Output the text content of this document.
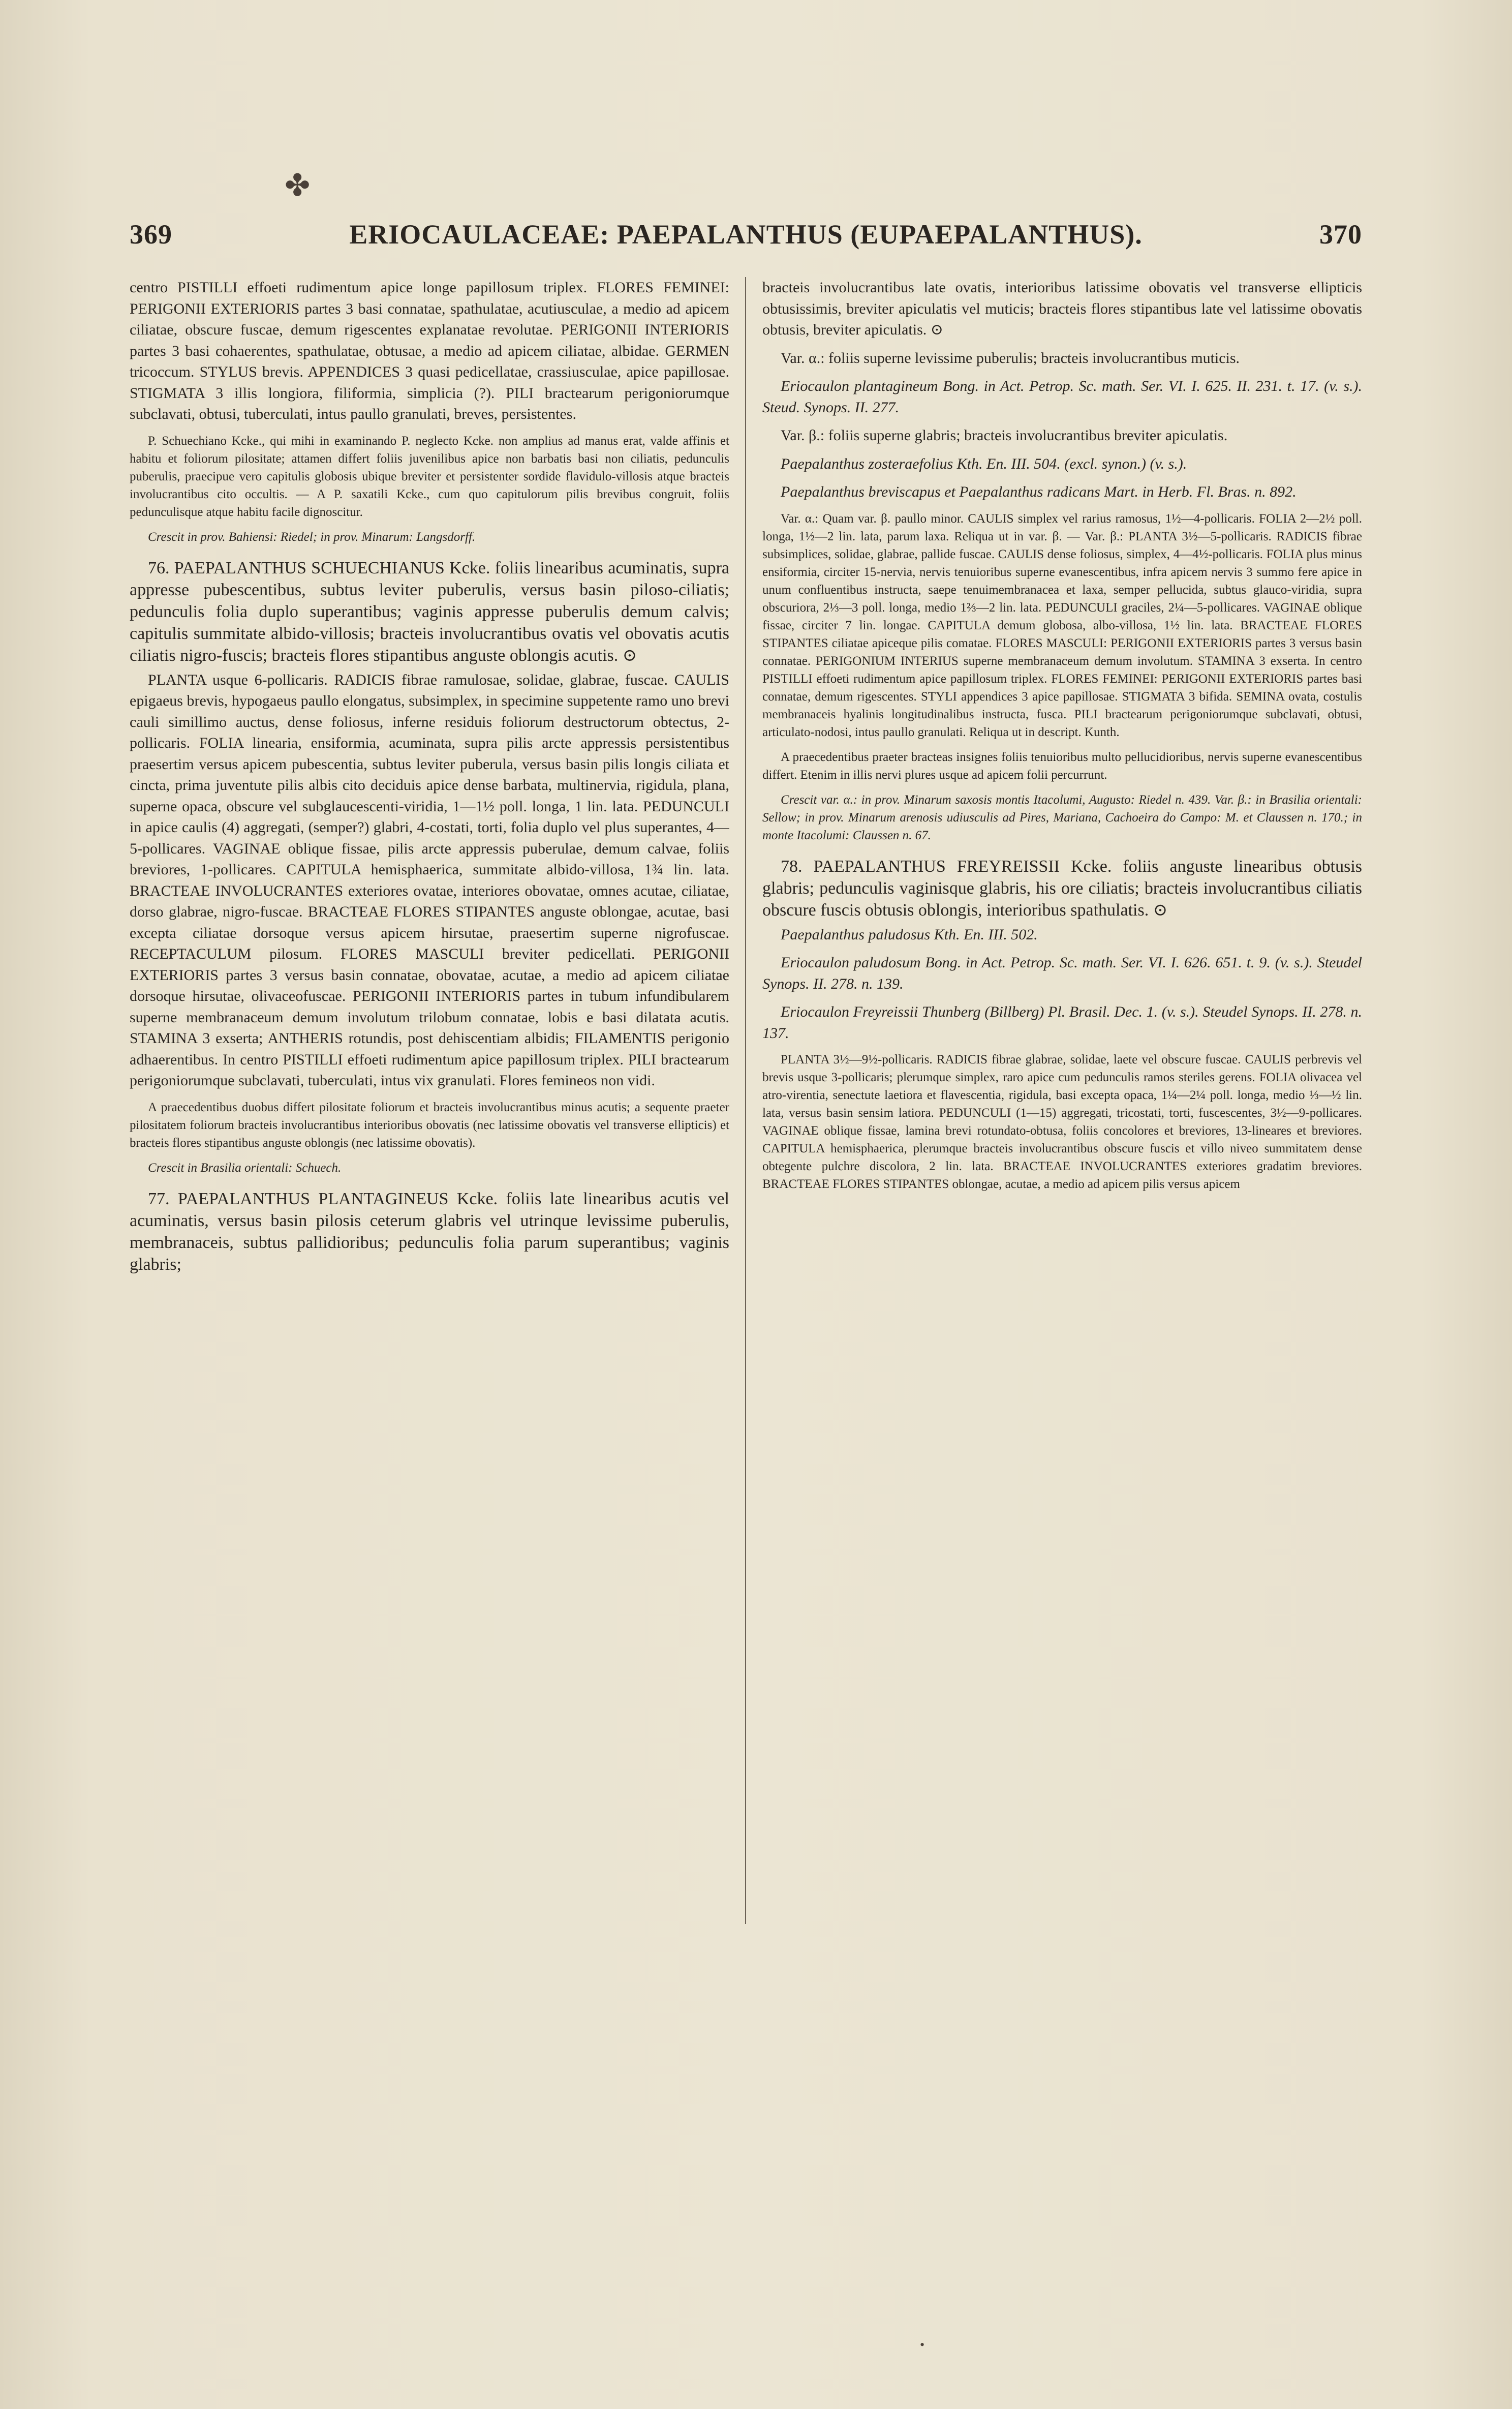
✤
369	ERIOCAULACEAE: PAEPALANTHUS (EUPAEPALANTHUS).	370

centro PISTILLI effoeti rudimentum apice longe papillosum triplex. FLORES FEMINEI: PERIGONII EXTERIORIS partes 3 basi connatae, spathulatae, acutiusculae, a medio ad apicem ciliatae, obscure fuscae, demum rigescentes explanatae revolutae. PERIGONII INTERIORIS partes 3 basi cohaerentes, spathulatae, obtusae, a medio ad apicem ciliatae, albidae. GERMEN tricoccum. STYLUS brevis. APPENDICES 3 quasi pedicellatae, crassiusculae, apice papillosae. STIGMATA 3 illis longiora, filiformia, simplicia (?). PILI bractearum perigoniorumque subclavati, obtusi, tuberculati, intus paullo granulati, breves, persistentes.

P. Schuechiano Kcke., qui mihi in examinando P. neglecto Kcke. non amplius ad manus erat, valde affinis et habitu et foliorum pilositate; attamen differt foliis juvenilibus apice non barbatis basi non ciliatis, pedunculis puberulis, praecipue vero capitulis globosis ubique breviter et persistenter sordide flavidulo-villosis atque bracteis involucrantibus cito occultis. — A P. saxatili Kcke., cum quo capitulorum pilis brevibus congruit, foliis pedunculisque atque habitu facile dignoscitur.

Crescit in prov. Bahiensi: Riedel; in prov. Minarum: Langsdorff.

76. PAEPALANTHUS SCHUECHIANUS Kcke. foliis linearibus acuminatis, supra appresse pubescentibus, subtus leviter puberulis, versus basin piloso-ciliatis; pedunculis folia duplo superantibus; vaginis appresse puberulis demum calvis; capitulis summitate albido-villosis; bracteis involucrantibus ovatis vel obovatis acutis ciliatis nigro-fuscis; bracteis flores stipantibus anguste oblongis acutis. ⊙

PLANTA usque 6-pollicaris. RADICIS fibrae ramulosae, solidae, glabrae, fuscae. CAULIS epigaeus brevis, hypogaeus paullo elongatus, subsimplex, in specimine suppetente ramo uno brevi cauli simillimo auctus, dense foliosus, inferne residuis foliorum destructorum obtectus, 2-pollicaris. FOLIA linearia, ensiformia, acuminata, supra pilis arcte appressis persistentibus praesertim versus apicem pubescentia, subtus leviter puberula, versus basin pilis longis ciliata et cincta, prima juventute pilis albis cito deciduis apice dense barbata, multinervia, rigidula, plana, superne opaca, obscure vel subglaucescenti-viridia, 1—1½ poll. longa, 1 lin. lata. PEDUNCULI in apice caulis (4) aggregati, (semper?) glabri, 4-costati, torti, folia duplo vel plus superantes, 4—5-pollicares. VAGINAE oblique fissae, pilis arcte appressis puberulae, demum calvae, foliis breviores, 1-pollicares. CAPITULA hemisphaerica, summitate albido-villosa, 1¾ lin. lata. BRACTEAE INVOLUCRANTES exteriores ovatae, interiores obovatae, omnes acutae, ciliatae, dorso glabrae, nigro-fuscae. BRACTEAE FLORES STIPANTES anguste oblongae, acutae, basi excepta ciliatae dorsoque versus apicem hirsutae, praesertim superne nigrofuscae. RECEPTACULUM pilosum. FLORES MASCULI breviter pedicellati. PERIGONII EXTERIORIS partes 3 versus basin connatae, obovatae, acutae, a medio ad apicem ciliatae dorsoque hirsutae, olivaceofuscae. PERIGONII INTERIORIS partes in tubum infundibularem superne membranaceum demum involutum trilobum connatae, lobis e basi dilatata acutis. STAMINA 3 exserta; ANTHERIS rotundis, post dehiscentiam albidis; FILAMENTIS perigonio adhaerentibus. In centro PISTILLI effoeti rudimentum apice papillosum triplex. PILI bractearum perigoniorumque subclavati, tuberculati, intus vix granulati. Flores feminеos non vidi.

A praecedentibus duobus differt pilositate foliorum et bracteis involucrantibus minus acutis; a sequente praeter pilositatem foliorum bracteis involucrantibus interioribus obovatis (nec latissime obovatis vel transverse ellipticis) et bracteis flores stipantibus anguste oblongis (nec latissime obovatis).

Crescit in Brasilia orientali: Schuech.

77. PAEPALANTHUS PLANTAGINEUS Kcke. foliis late linearibus acutis vel acuminatis, versus basin pilosis ceterum glabris vel utrinque levissime puberulis, membranaceis, subtus pallidioribus; pedunculis folia parum superantibus; vaginis glabris;

bracteis involucrantibus late ovatis, interioribus latissime obovatis vel transverse ellipticis obtusissimis, breviter apiculatis vel muticis; bracteis flores stipantibus late vel latissime obovatis obtusis, breviter apiculatis. ⊙

Var. α.: foliis superne levissime puberulis; bracteis involucrantibus muticis.

Eriocaulon plantagineum Bong. in Act. Petrop. Sc. math. Ser. VI. I. 625. II. 231. t. 17. (v. s.). Steud. Synops. II. 277.

Var. β.: foliis superne glabris; bracteis involucrantibus breviter apiculatis.

Paepalanthus zosteraefolius Kth. En. III. 504. (excl. synon.) (v. s.).

Paepalanthus breviscapus et Paepalanthus radicans Mart. in Herb. Fl. Bras. n. 892.

Var. α.: Quam var. β. paullo minor. CAULIS simplex vel rarius ramosus, 1½—4-pollicaris. FOLIA 2—2½ poll. longa, 1½—2 lin. lata, parum laxa. Reliqua ut in var. β. — Var. β.: PLANTA 3½—5-pollicaris. RADICIS fibrae subsimplices, solidae, glabrae, pallide fuscae. CAULIS dense foliosus, simplex, 4—4½-pollicaris. FOLIA plus minus ensiformia, circiter 15-nervia, nervis tenuioribus superne evanescentibus, infra apicem nervis 3 summo fere apice in unum confluentibus instructa, saepe tenuimembranacea et laxa, semper pellucida, subtus glauco-viridia, supra obscuriora, 2⅓—3 poll. longa, medio 1⅔—2 lin. lata. PEDUNCULI graciles, 2¼—5-pollicares. VAGINAE oblique fissae, circiter 7 lin. longae. CAPITULA demum globosa, albo-villosa, 1½ lin. lata. BRACTEAE FLORES STIPANTES ciliatae apiceque pilis comatae. FLORES MASCULI: PERIGONII EXTERIORIS partes 3 versus basin connatae. PERIGONIUM INTERIUS superne membranaceum demum involutum. STAMINA 3 exserta. In centro PISTILLI effoeti rudimentum apice papillosum triplex. FLORES FEMINEI: PERIGONII EXTERIORIS partes basi connatae, demum rigescentes. STYLI appendices 3 apice papillosae. STIGMATA 3 bifida. SEMINA ovata, costulis membranaceis hyalinis longitudinalibus instructa, fusca. PILI bractearum perigoniorumque subclavati, obtusi, articulato-nodosi, intus paullo granulati. Reliqua ut in descript. Kunth.

A praecedentibus praeter bracteas insignes foliis tenuioribus multo pellucidioribus, nervis superne evanescentibus differt. Etenim in illis nervi plures usque ad apicem folii percurrunt.

Crescit var. α.: in prov. Minarum saxosis montis Itacolumi, Augusto: Riedel n. 439. Var. β.: in Brasilia orientali: Sellow; in prov. Minarum arenosis udiusculis ad Pires, Mariana, Cachoeira do Campo: M. et Claussen n. 170.; in monte Itacolumi: Claussen n. 67.

78. PAEPALANTHUS FREYREISSII Kcke. foliis anguste linearibus obtusis glabris; pedunculis vaginisque glabris, his ore ciliatis; bracteis involucrantibus ciliatis obscure fuscis obtusis oblongis, interioribus spathulatis. ⊙

Paepalanthus paludosus Kth. En. III. 502.

Eriocaulon paludosum Bong. in Act. Petrop. Sc. math. Ser. VI. I. 626. 651. t. 9. (v. s.). Steudel Synops. II. 278. n. 139.

Eriocaulon Freyreissii Thunberg (Billberg) Pl. Brasil. Dec. 1. (v. s.). Steudel Synops. II. 278. n. 137.

PLANTA 3½—9½-pollicaris. RADICIS fibrae glabrae, solidae, laete vel obscure fuscae. CAULIS perbrevis vel brevis usque 3-pollicaris; plerumque simplex, raro apice cum pedunculis ramos steriles gerens. FOLIA olivacea vel atro-virentia, senectute laetiora et flavescentia, rigidula, basi excepta opaca, 1¼—2¼ poll. longa, medio ⅓—½ lin. lata, versus basin sensim latiora. PEDUNCULI (1—15) aggregati, tricostati, torti, fuscescentes, 3½—9-pollicares. VAGINAE oblique fissae, lamina brevi rotundato-obtusa, foliis concolores et breviores, 13-lineares et breviores. CAPITULA hemisphaerica, plerumque bracteis involucrantibus obscure fuscis et villo niveo summitatem dense obtegente pulchre discolora, 2 lin. lata. BRACTEAE INVOLUCRANTES exteriores gradatim breviores. BRACTEAE FLORES STIPANTES oblongae, acutae, a medio ad apicem pilis versus apicem

•
